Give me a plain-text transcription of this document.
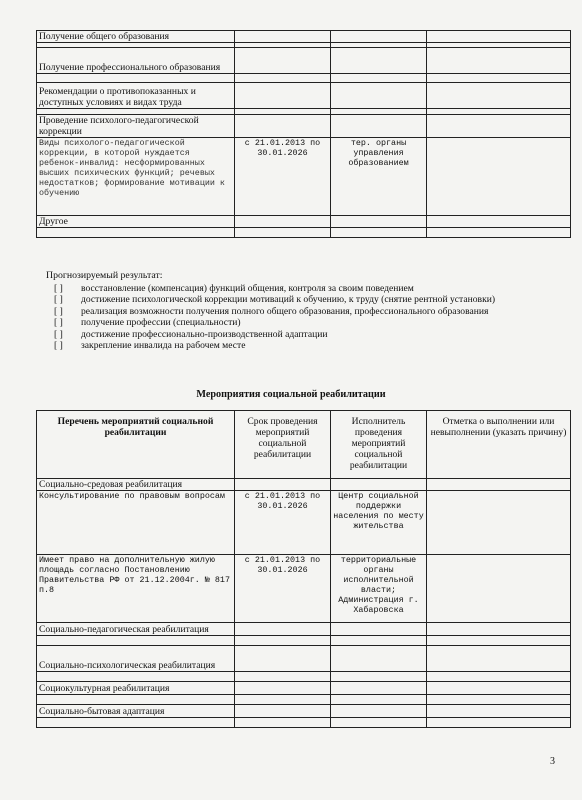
Получение общего образования			

Получение профессионального образования			

Рекомендации о противопоказанных и доступных условиях и видах труда			

Проведение психолого-педагогической коррекции			
Виды психолого-педагогической коррекции, в которой нуждается ребенок-инвалид: несформированных высших психических функций; речевых недостатков; формирование мотивации к обучению	с 21.01.2013 по 30.01.2026	тер. органы управления образованием	
Другое			

Прогнозируемый результат:
[ ]	восстановление (компенсация) функций общения, контроля за своим поведением
[ ]	достижение психологической коррекции мотиваций к обучению, к труду (снятие рентной установки)
[ ]	реализация возможности получения полного общего образования, профессионального образования
[ ]	получение профессии (специальности)
[ ]	достижение профессионально-производственной адаптации
[ ]	закрепление инвалида на рабочем месте
Мероприятия социальной реабилитации
Перечень мероприятий социальной реабилитации	Срок проведения мероприятий социальной реабилитации	Исполнитель проведения мероприятий социальной реабилитации	Отметка о выполнении или невыполнении (указать причину)
Социально-средовая реабилитация			
Консультирование по правовым вопросам	с 21.01.2013 по 30.01.2026	Центр социальной поддержки населения по месту жительства	
Имеет право на дополнительную жилую площадь согласно Постановлению Правительства РФ от 21.12.2004г. № 817 п.8	с 21.01.2013 по 30.01.2026	территориальные органы исполнительной власти; Администрация г. Хабаровска	
Социально-педагогическая реабилитация			

Социально-психологическая реабилитация			

Социокультурная реабилитация			

Социально-бытовая адаптация			

3
